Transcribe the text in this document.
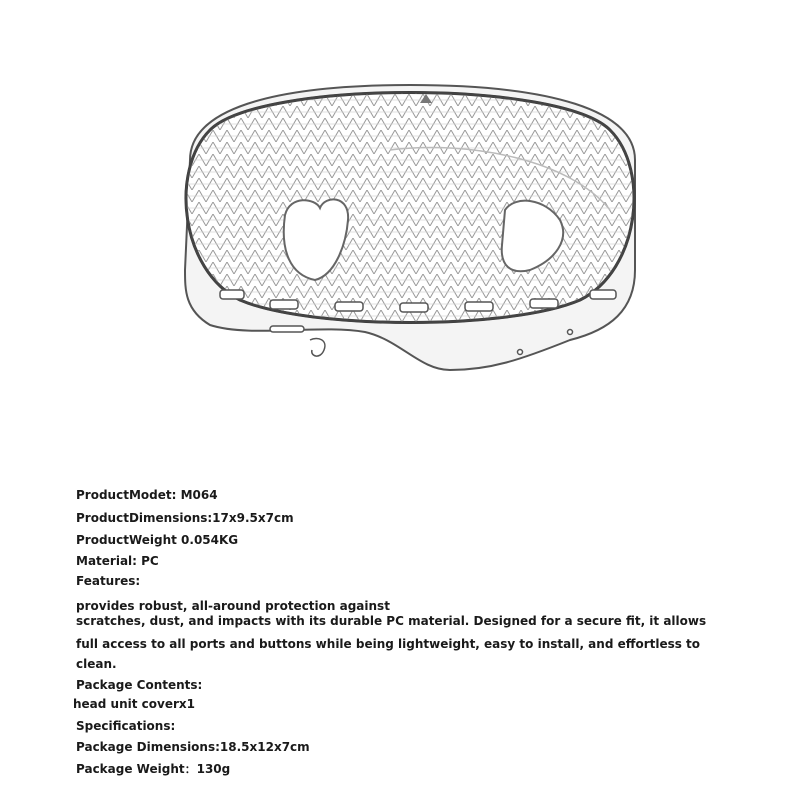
ProductModet: M064

ProductDimensions:17x9.5x7cm

ProductWeight 0.054KG

Material: PC

Features:

provides robust, all-around protection against

scratches, dust, and impacts with its durable PC material. Designed for a secure fit, it allows

full access to all ports and buttons while being lightweight, easy to install, and effortless to

clean.

Package Contents:

head unit coverx1

Specifications:

Package Dimensions:18.5x12x7cm

Package Weight：130g
